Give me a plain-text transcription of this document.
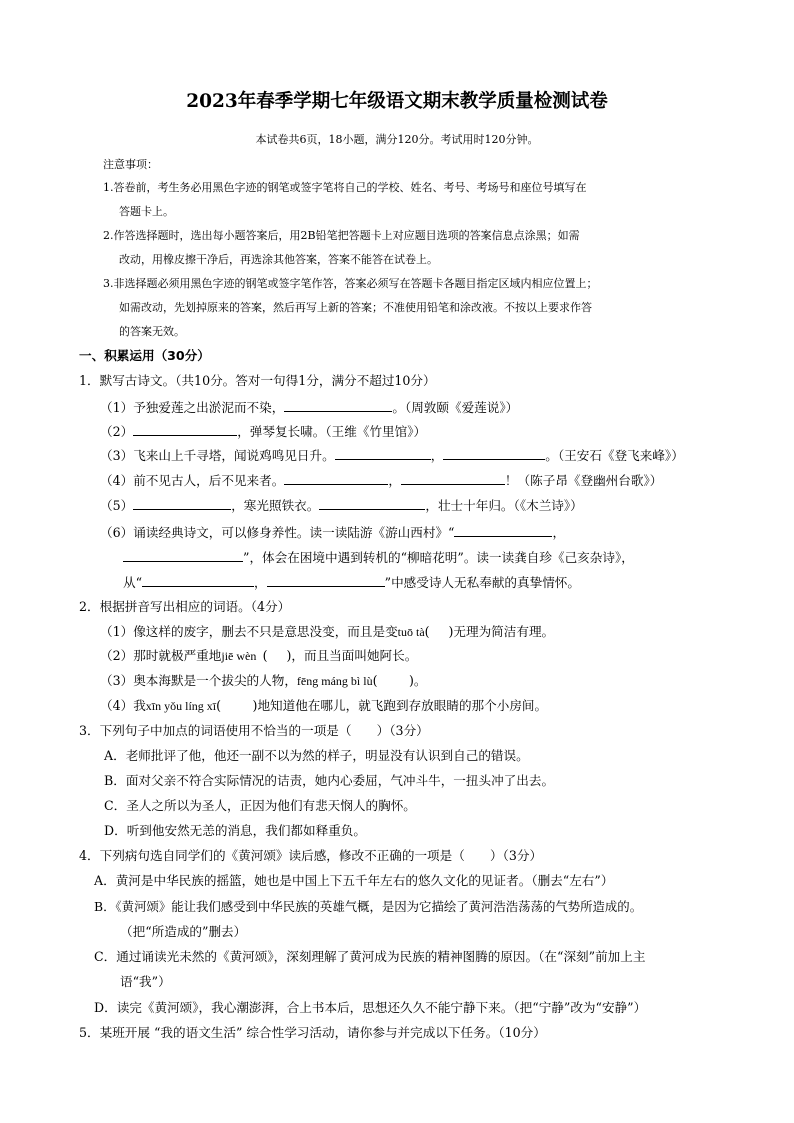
2023年春季学期七年级语文期末教学质量检测试卷
本试卷共6页，18小题，满分120分。考试用时120分钟。
注意事项：
1.答卷前，考生务必用黑色字迹的钢笔或签字笔将自己的学校、姓名、考号、考场号和座位号填写在
答题卡上。
2.作答选择题时，选出每小题答案后，用2B铅笔把答题卡上对应题目选项的答案信息点涂黑；如需
改动，用橡皮擦干净后，再选涂其他答案，答案不能答在试卷上。
3.非选择题必须用黑色字迹的钢笔或签字笔作答，答案必须写在答题卡各题目指定区域内相应位置上；
如需改动，先划掉原来的答案，然后再写上新的答案；不准使用铅笔和涂改液。不按以上要求作答
的答案无效。
一、积累运用（30分）
1．默写古诗文。（共10分。答对一句得1分，满分不超过10分）
（1）予独爱莲之出淤泥而不染，	。（周敦颐《爱莲说》）
（2）	，弹琴复长啸。（王维《竹里馆》）
（3）飞来山上千寻塔，闻说鸡鸣见日升。	，	。（王安石《登飞来峰》）
（4）前不见古人，后不见来者。	，	！（陈子昂《登幽州台歌》）
（5）	，寒光照铁衣。	，壮士十年归。（《木兰诗》）
（6）诵读经典诗文，可以修身养性。读一读陆游《游山西村》“	，
”，体会在困境中遇到转机的“柳暗花明”。读一读龚自珍《己亥杂诗》，
从“	，	”中感受诗人无私奉献的真挚情怀。
2．根据拼音写出相应的词语。（4分）
（1）像这样的废字，删去不只是意思没变，而且是变tuō tà(   )无理为简洁有理。
（2）那时就极严重地jiē wèn (   )，而且当面叫她阿长。
（3）奥本海默是一个拔尖的人物，fēng máng bì lù(     )。
（4）我xīn yǒu líng xī(     )地知道他在哪儿，就飞跑到存放眼睛的那个小房间。
3．下列句子中加点的词语使用不恰当的一项是（     ）（3分）
A．老师批评了他，他还一副不以为然的样子，明显没有认识到自己的错误。
B．面对父亲不符合实际情况的诘责，她内心委屈，气冲斗牛，一扭头冲了出去。
C．圣人之所以为圣人，正因为他们有悲天悯人的胸怀。
D．听到他安然无恙的消息，我们都如释重负。
4．下列病句选自同学们的《黄河颂》读后感，修改不正确的一项是（     ）（3分）
A．黄河是中华民族的摇篮，她也是中国上下五千年左右的悠久文化的见证者。（删去“左右”）
B．《黄河颂》能让我们感受到中华民族的英雄气概，是因为它描绘了黄河浩浩荡荡的气势所造成的。
（把“所造成的”删去）
C．通过诵读光未然的《黄河颂》，深刻理解了黄河成为民族的精神图腾的原因。（在“深刻”前加上主
语“我”）
D．读完《黄河颂》，我心潮澎湃，合上书本后，思想还久久不能宁静下来。（把“宁静”改为“安静”）
5．某班开展 “我的语文生活” 综合性学习活动，请你参与并完成以下任务。（10分）
